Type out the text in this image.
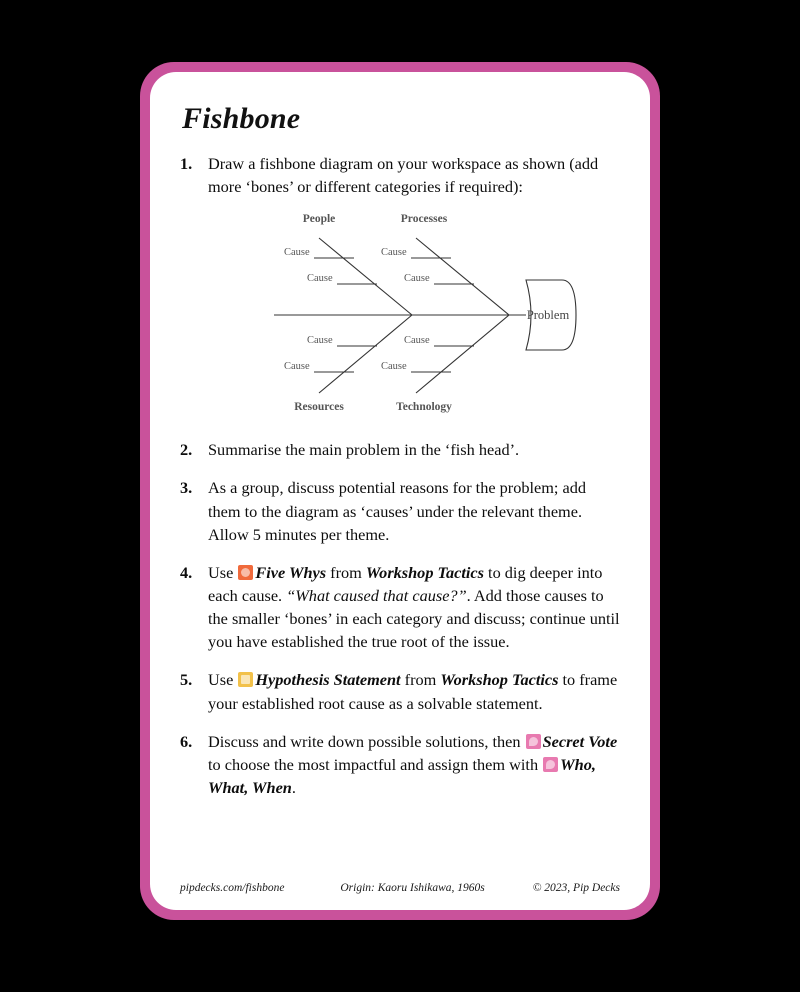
Fishbone
1. Draw a fishbone diagram on your workspace as shown (add more ‘bones’ or different categories if required):
People	Processes
Resources	Technology
Cause
Cause
Cause
Cause
Cause
Cause
Cause
Cause
Problem
2. Summarise the main problem in the ‘fish head’.
3. As a group, discuss potential reasons for the problem; add them to the diagram as ‘causes’ under the relevant theme. Allow 5 minutes per theme.
4. Use Five Whys from Workshop Tactics to dig deeper into each cause. “What caused that cause?”. Add those causes to the smaller ‘bones’ in each category and discuss; continue until you have established the true root of the issue.
5. Use Hypothesis Statement from Workshop Tactics to frame your established root cause as a solvable statement.
6. Discuss and write down possible solutions, then Secret Vote to choose the most impactful and assign them with Who, What, When.
pipdecks.com/fishbone	Origin: Kaoru Ishikawa, 1960s	© 2023, Pip Decks
